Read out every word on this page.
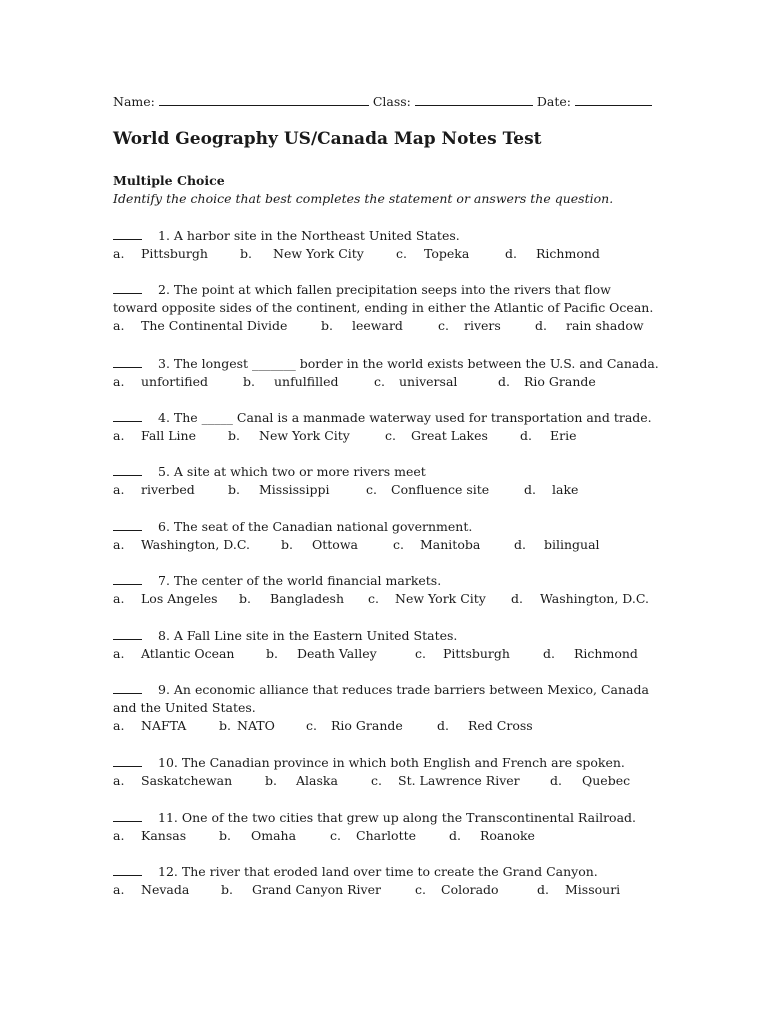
Name:	Class:	Date:
World Geography US/Canada Map Notes Test
Multiple Choice
Identify the choice that best completes the statement or answers the question.
1. A harbor site in the Northeast United States.
a. Pittsburgh	b. New York City	c. Topeka	d. Richmond
2. The point at which fallen precipitation seeps into the rivers that flow
toward opposite sides of the continent, ending in either the Atlantic of Pacific Ocean.
a. The Continental Divide	b. leeward	c. rivers	d. rain shadow
3. The longest _______ border in the world exists between the U.S. and Canada.
a. unfortified	b. unfulfilled	c. universal	d. Rio Grande
4. The _____ Canal is a manmade waterway used for transportation and trade.
a. Fall Line	b. New York City	c. Great Lakes	d. Erie
5. A site at which two or more rivers meet
a. riverbed	b. Mississippi	c. Confluence site	d. lake
6. The seat of the Canadian national government.
a. Washington, D.C. b. Ottowa	c. Manitoba	d. bilingual
7. The center of the world financial markets.
a. Los Angeles b. Bangladesh c. New York City d. Washington, D.C.
8. A Fall Line site in the Eastern United States.
a. Atlantic Ocean	b. Death Valley	c. Pittsburgh	d. Richmond
9. An economic alliance that reduces trade barriers between Mexico, Canada
and the United States.
a. NAFTA	b. NATO c. Rio Grande	d. Red Cross
10. The Canadian province in which both English and French are spoken.
a. Saskatchewan	b. Alaska	c. St. Lawrence River d. Quebec
11. One of the two cities that grew up along the Transcontinental Railroad.
a. Kansas	b. Omaha	c. Charlotte	d. Roanoke
12. The river that eroded land over time to create the Grand Canyon.
a. Nevada	b. Grand Canyon River	c. Colorado	d. Missouri
